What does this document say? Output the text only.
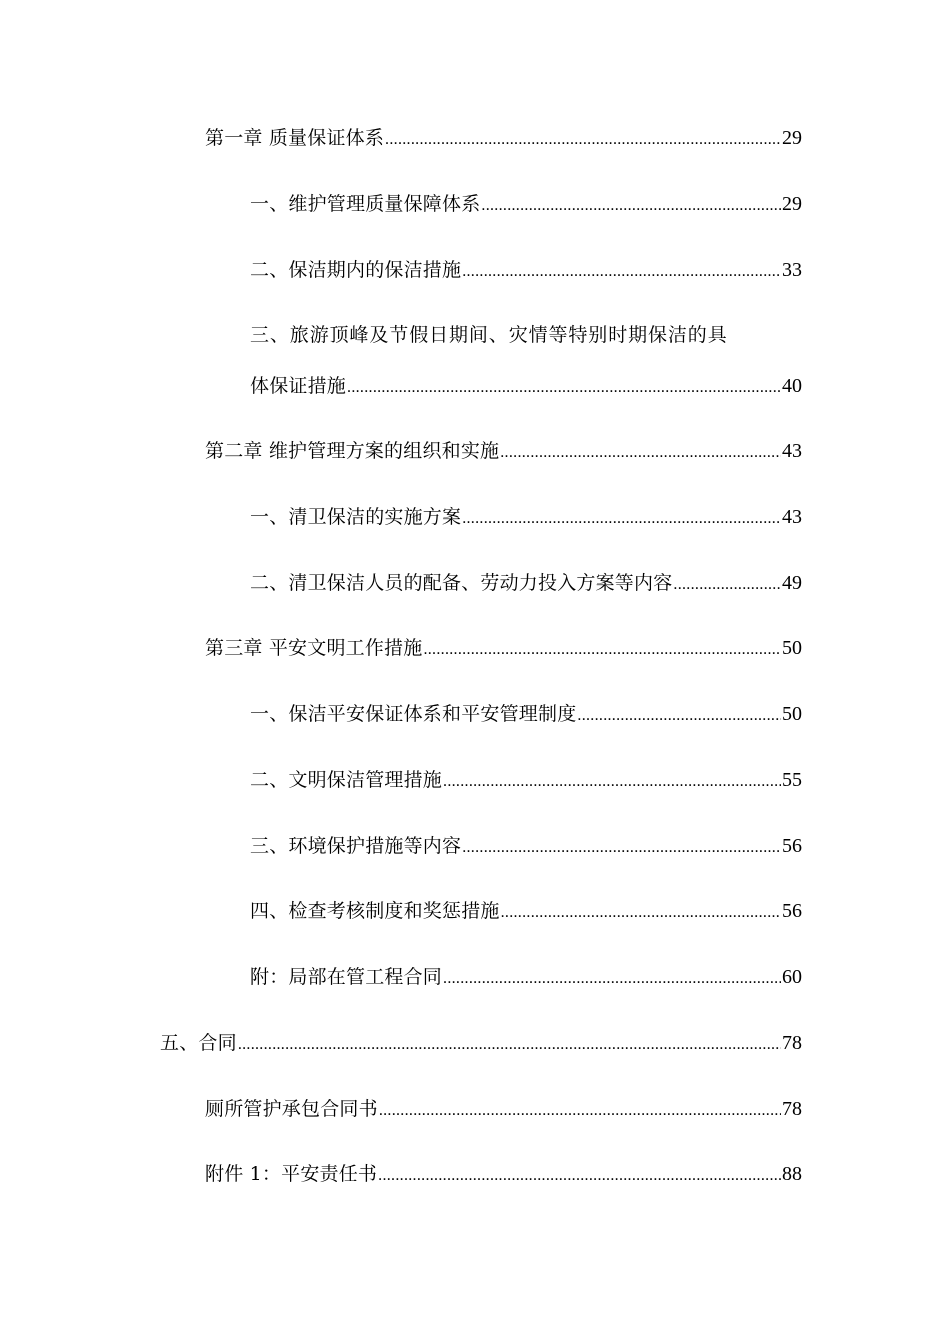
第一章 质量保证体系 .....	29
一、维护管理质量保障体系 .....	29
二、保洁期内的保洁措施 .....	33
三、旅游顶峰及节假日期间、灾情等特别时期保洁的具
体保证措施 .....	40
第二章 维护管理方案的组织和实施 .....	43
一、清卫保洁的实施方案 .....	43
二、清卫保洁人员的配备、劳动力投入方案等内容 .....	49
第三章 平安文明工作措施 .....	50
一、保洁平安保证体系和平安管理制度 .....	50
二、文明保洁管理措施 .....	55
三、环境保护措施等内容 .....	56
四、检查考核制度和奖惩措施 .....	56
附：局部在管工程合同 .....	60
五、合同 .....	78
厕所管护承包合同书 .....	78
附件 1：平安责任书 .....	88
